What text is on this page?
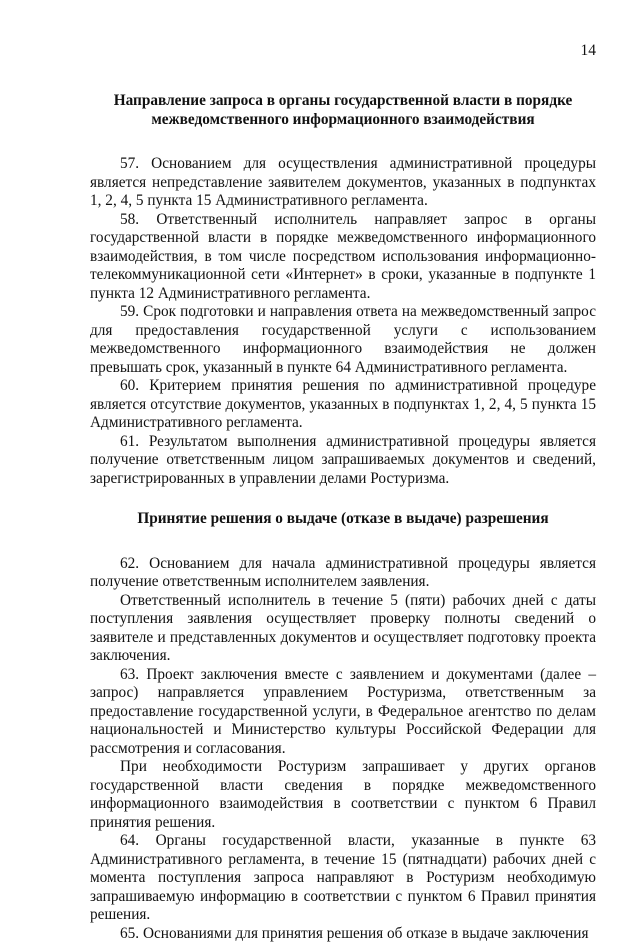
14

Направление запроса в органы государственной власти в порядке межведомственного информационного взаимодействия

57. Основанием для осуществления административной процедуры является непредставление заявителем документов, указанных в подпунктах 1, 2, 4, 5 пункта 15 Административного регламента.

58. Ответственный исполнитель направляет запрос в органы государственной власти в порядке межведомственного информационного взаимодействия, в том числе посредством использования информационно-телекоммуникационной сети «Интернет» в сроки, указанные в подпункте 1 пункта 12 Административного регламента.

59. Срок подготовки и направления ответа на межведомственный запрос для предоставления государственной услуги с использованием межведомственного информационного взаимодействия не должен превышать срок, указанный в пункте 64 Административного регламента.

60. Критерием принятия решения по административной процедуре является отсутствие документов, указанных в подпунктах 1, 2, 4, 5 пункта 15 Административного регламента.

61. Результатом выполнения административной процедуры является получение ответственным лицом запрашиваемых документов и сведений, зарегистрированных в управлении делами Ростуризма.

Принятие решения о выдаче (отказе в выдаче) разрешения

62. Основанием для начала административной процедуры является получение ответственным исполнителем заявления.

Ответственный исполнитель в течение 5 (пяти) рабочих дней с даты поступления заявления осуществляет проверку полноты сведений о заявителе и представленных документов и осуществляет подготовку проекта заключения.

63. Проект заключения вместе с заявлением и документами (далее – запрос) направляется управлением Ростуризма, ответственным за предоставление государственной услуги, в Федеральное агентство по делам национальностей и Министерство культуры Российской Федерации для рассмотрения и согласования.

При необходимости Ростуризм запрашивает у других органов государственной власти сведения в порядке межведомственного информационного взаимодействия в соответствии с пунктом 6 Правил принятия решения.

64. Органы государственной власти, указанные в пункте 63 Административного регламента, в течение 15 (пятнадцати) рабочих дней с момента поступления запроса направляют в Ростуризм необходимую запрашиваемую информацию в соответствии с пунктом 6 Правил принятия решения.

65. Основаниями для принятия решения об отказе в выдаче заключения
